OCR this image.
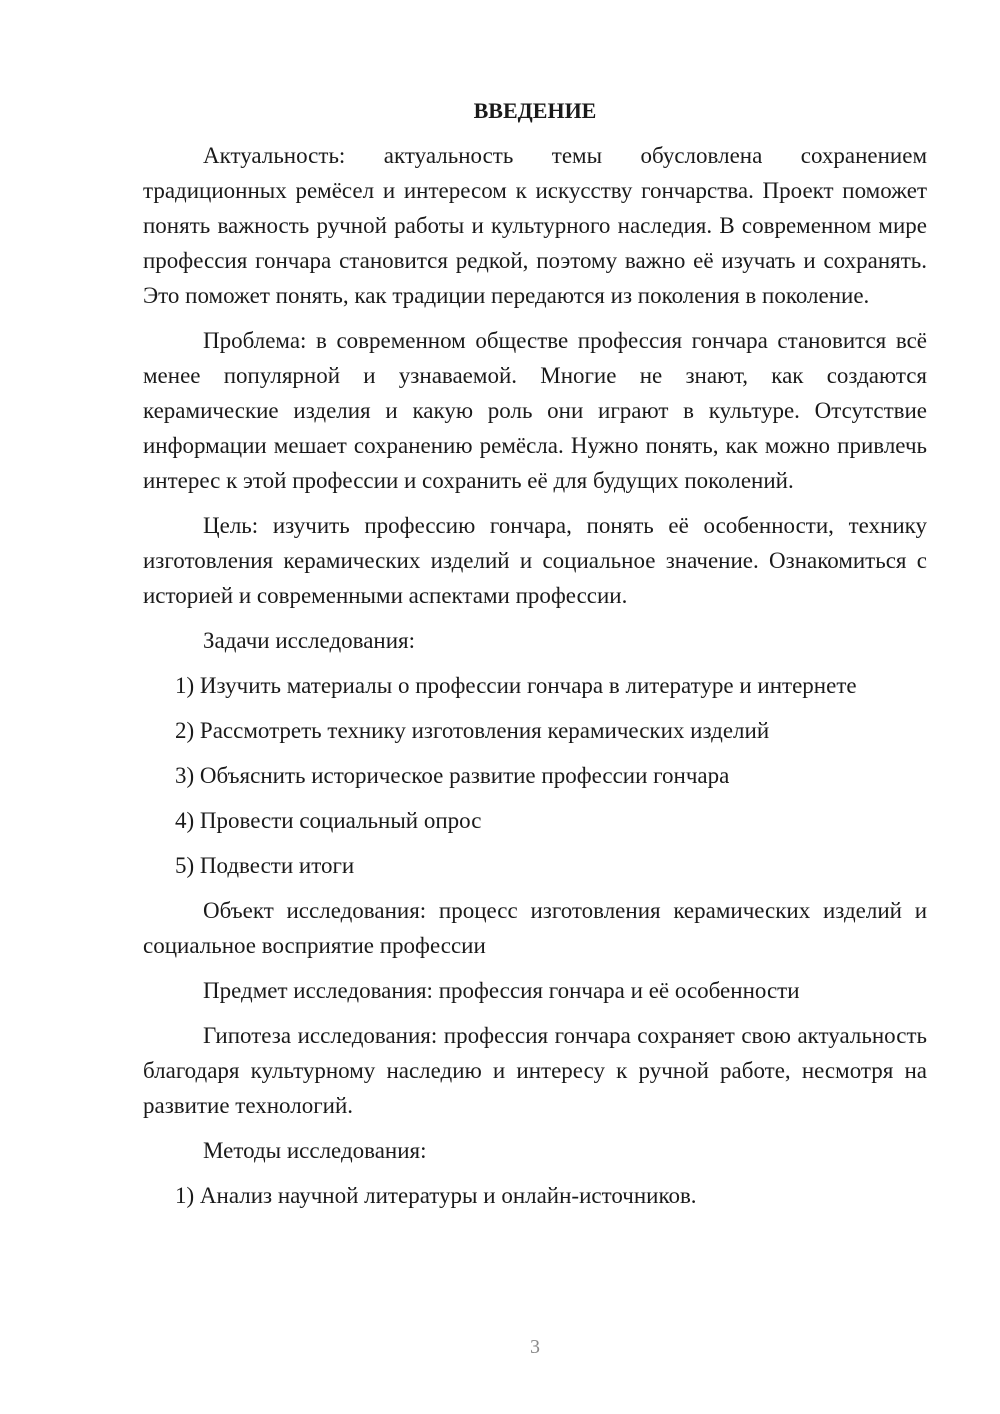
ВВЕДЕНИЕ

Актуальность: актуальность темы обусловлена сохранением традиционных ремёсел и интересом к искусству гончарства. Проект поможет понять важность ручной работы и культурного наследия. В современном мире профессия гончара становится редкой, поэтому важно её изучать и сохранять. Это поможет понять, как традиции передаются из поколения в поколение.

Проблема: в современном обществе профессия гончара становится всё менее популярной и узнаваемой. Многие не знают, как создаются керамические изделия и какую роль они играют в культуре. Отсутствие информации мешает сохранению ремёсла. Нужно понять, как можно привлечь интерес к этой профессии и сохранить её для будущих поколений.

Цель: изучить профессию гончара, понять её особенности, технику изготовления керамических изделий и социальное значение. Ознакомиться с историей и современными аспектами профессии.

Задачи исследования:
1) Изучить материалы о профессии гончара в литературе и интернете
2) Рассмотреть технику изготовления керамических изделий
3) Объяснить историческое развитие профессии гончара
4) Провести социальный опрос
5) Подвести итоги

Объект исследования: процесс изготовления керамических изделий и социальное восприятие профессии

Предмет исследования: профессия гончара и её особенности

Гипотеза исследования: профессия гончара сохраняет свою актуальность благодаря культурному наследию и интересу к ручной работе, несмотря на развитие технологий.

Методы исследования:
1) Анализ научной литературы и онлайн-источников.
3
